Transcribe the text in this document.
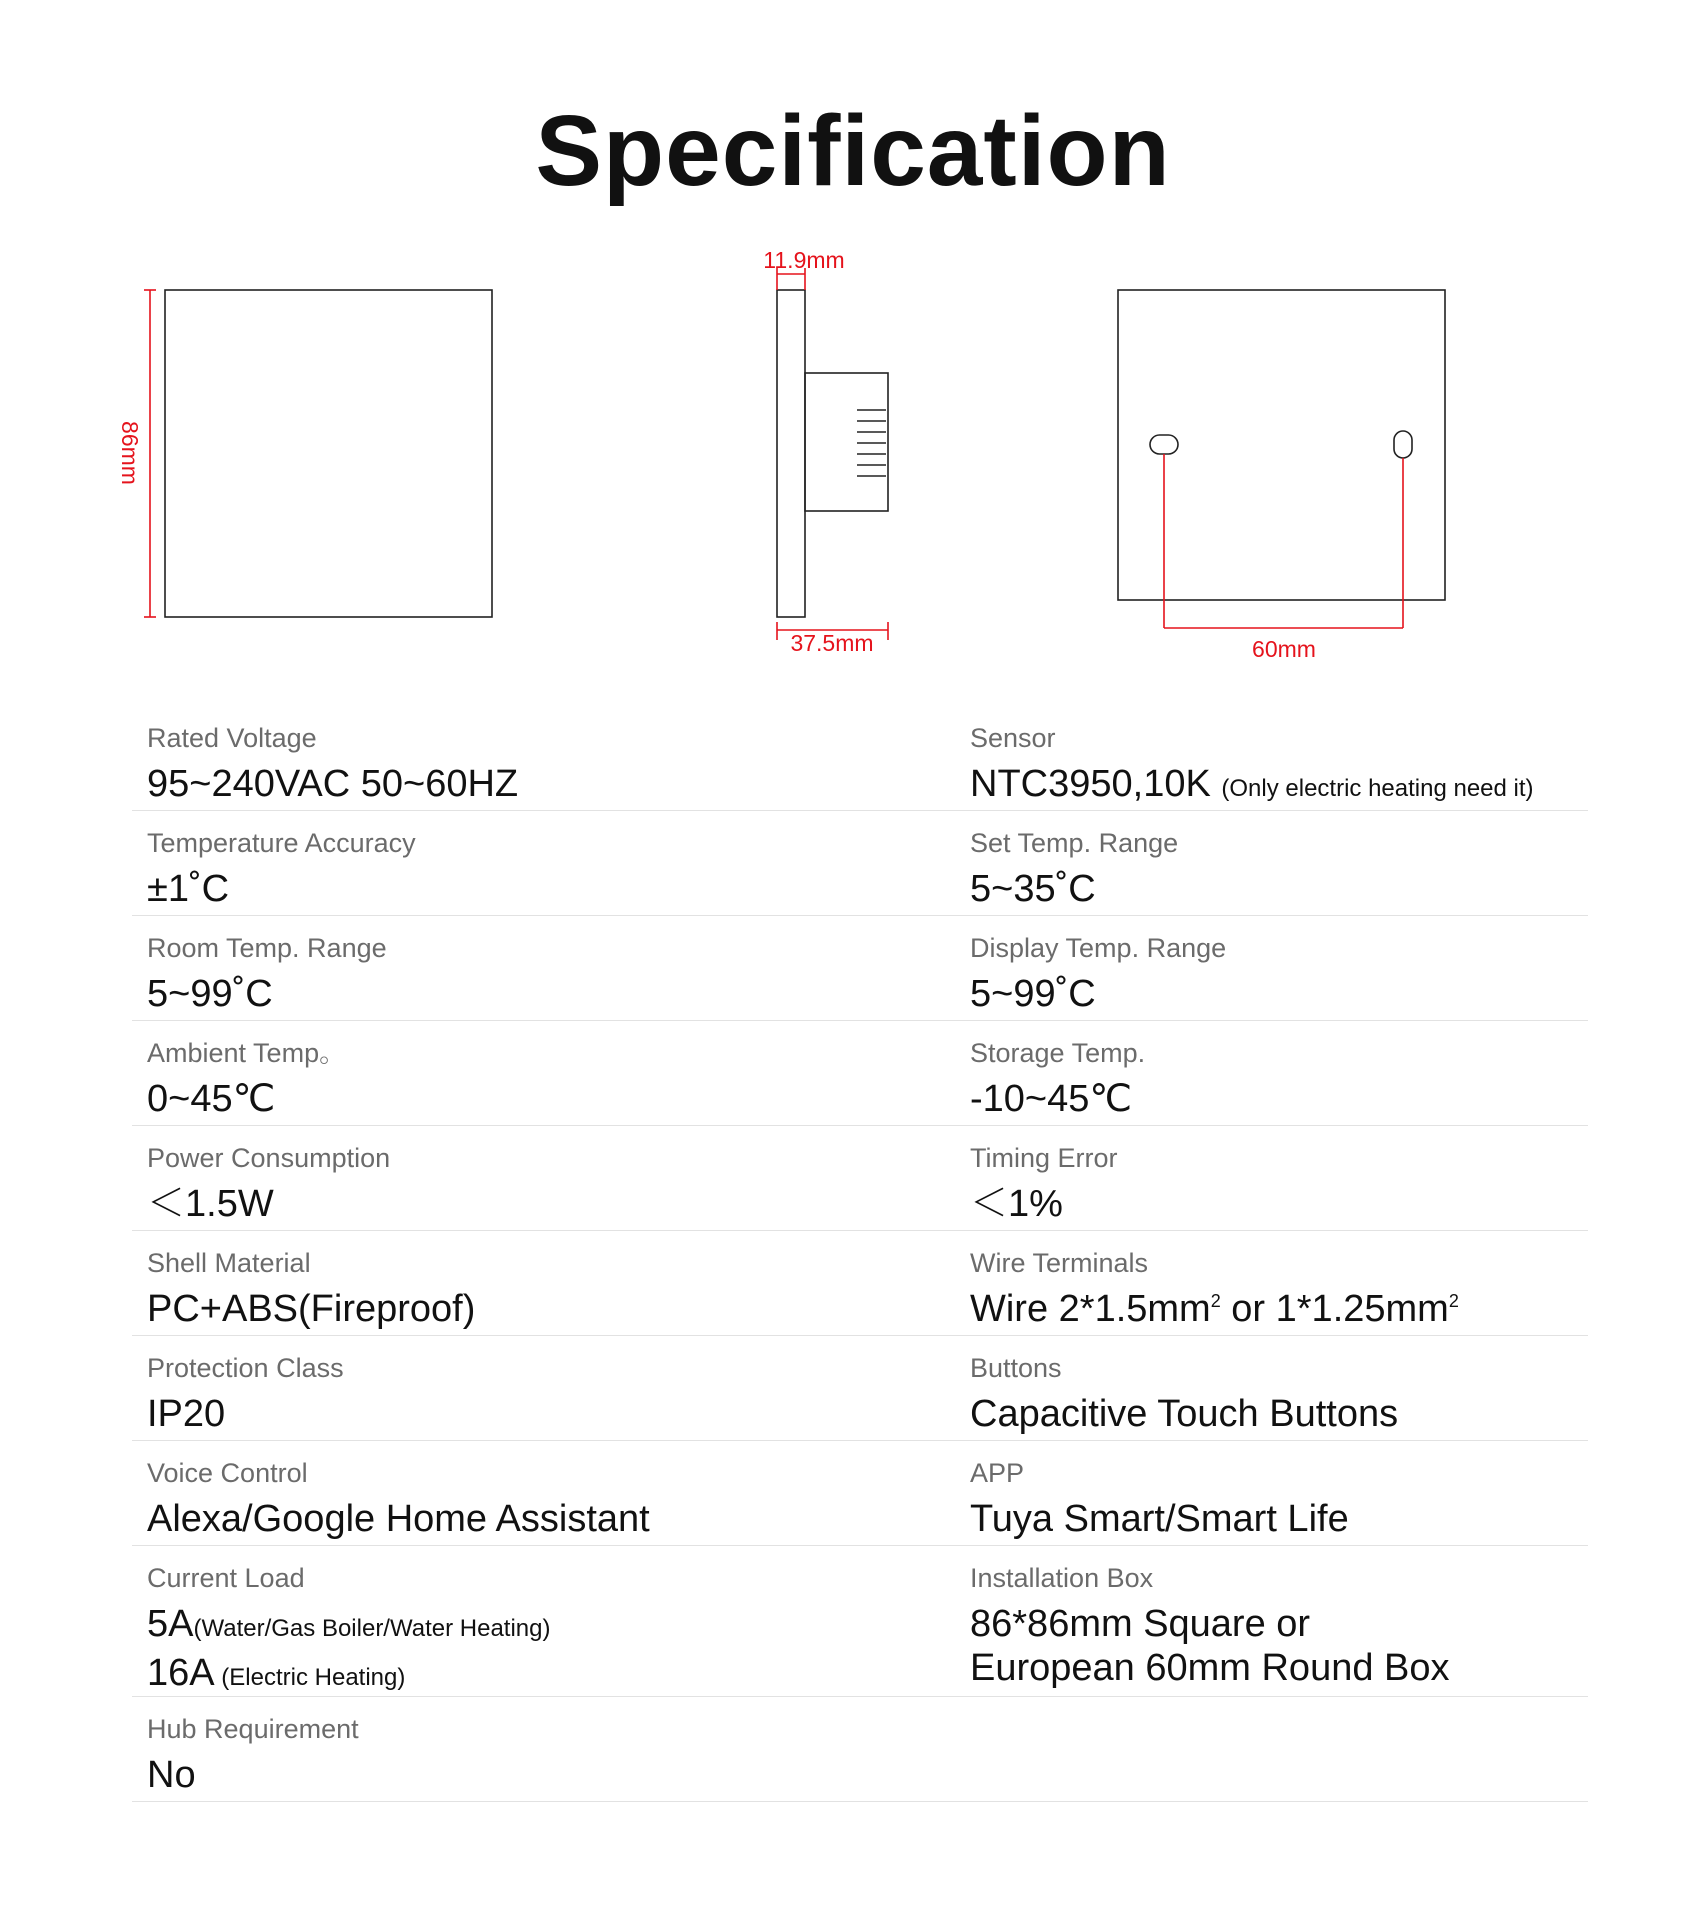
Specification
86mm
11.9mm
37.5mm	60mm
Rated Voltage
95~240VAC 50~60HZ
Sensor
NTC3950,10K (Only electric heating need it)
Temperature Accuracy
±1˚C
Set Temp. Range
5~35˚C
Room Temp. Range
5~99˚C
Display Temp. Range
5~99˚C
Ambient Temp。
0~45℃
Storage Temp.
-10~45℃
Power Consumption
＜1.5W
Timing Error
＜1%
Shell Material
PC+ABS(Fireproof)
Wire Terminals
Wire $2*1.5mm^2$ or $1*1.25mm^2$
Protection Class
IP20
Buttons
Capacitive Touch Buttons
Voice Control
Alexa/Google Home Assistant
APP
Tuya Smart/Smart Life
Current Load
5A(Water/Gas Boiler/Water Heating)
16A (Electric Heating)
Installation Box
86*86mm Square or
European 60mm Round Box
Hub Requirement
No
